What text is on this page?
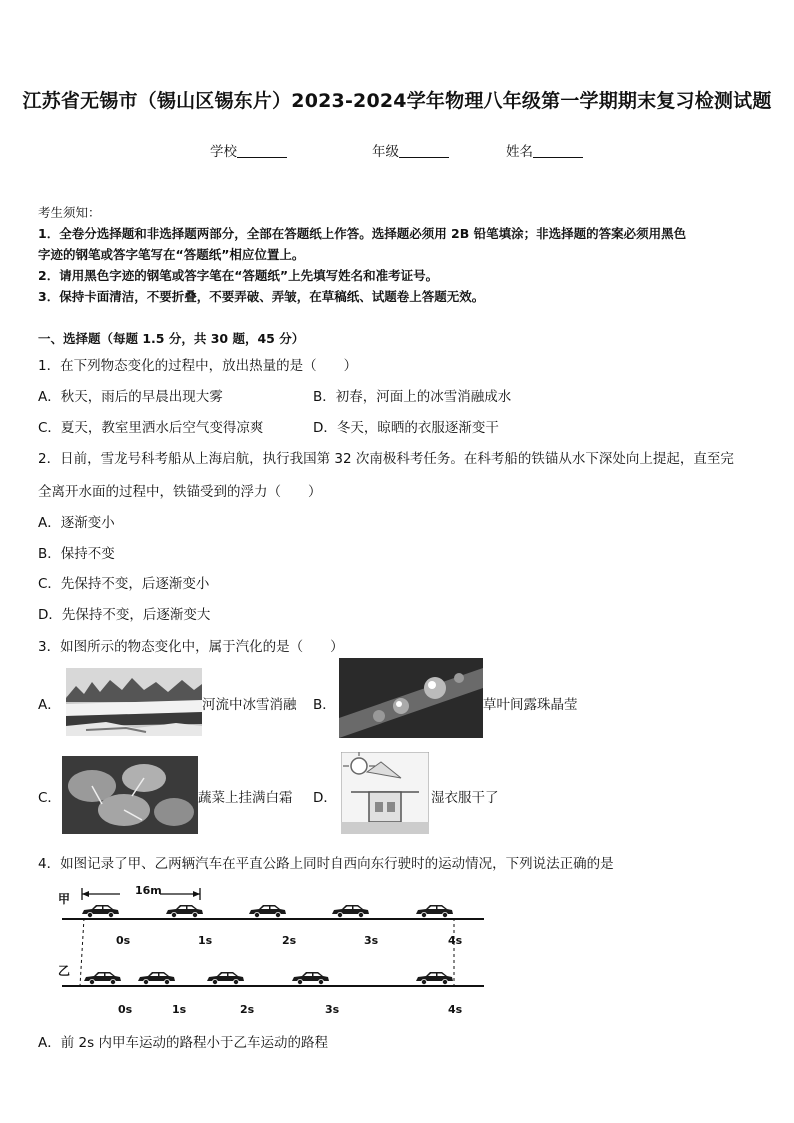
江苏省无锡市（锡山区锡东片）2023-2024学年物理八年级第一学期期末复习检测试题
学校	年级	姓名
考生须知：
1．全卷分选择题和非选择题两部分，全部在答题纸上作答。选择题必须用 2B 铅笔填涂；非选择题的答案必须用黑色
字迹的钢笔或答字笔写在“答题纸”相应位置上。
2．请用黑色字迹的钢笔或答字笔在“答题纸”上先填写姓名和准考证号。
3．保持卡面清洁，不要折叠，不要弄破、弄皱，在草稿纸、试题卷上答题无效。
一、选择题（每题 1.5 分，共 30 题，45 分）
1．在下列物态变化的过程中，放出热量的是（　　）
A．秋天，雨后的早晨出现大雾	B．初春，河面上的冰雪消融成水
C．夏天，教室里洒水后空气变得凉爽	D．冬天，晾晒的衣服逐渐变干
2．日前，雪龙号科考船从上海启航，执行我国第 32 次南极科考任务。在科考船的铁锚从水下深处向上提起，直至完
全离开水面的过程中，铁锚受到的浮力（　　）
A．逐渐变小
B．保持不变
C．先保持不变，后逐渐变小
D．先保持不变，后逐渐变大
3．如图所示的物态变化中，属于汽化的是（　　）
A．	河流中冰雪消融 B．	草叶间露珠晶莹
C．	蔬菜上挂满白霜 D．	湿衣服干了
4．如图记录了甲、乙两辆汽车在平直公路上同时自西向东行驶时的运动情况，下列说法正确的是
甲
乙
16m
0s	1s	2s	3s	4s
0s	1s	2s	3s	4s
A．前 2s 内甲车运动的路程小于乙车运动的路程
